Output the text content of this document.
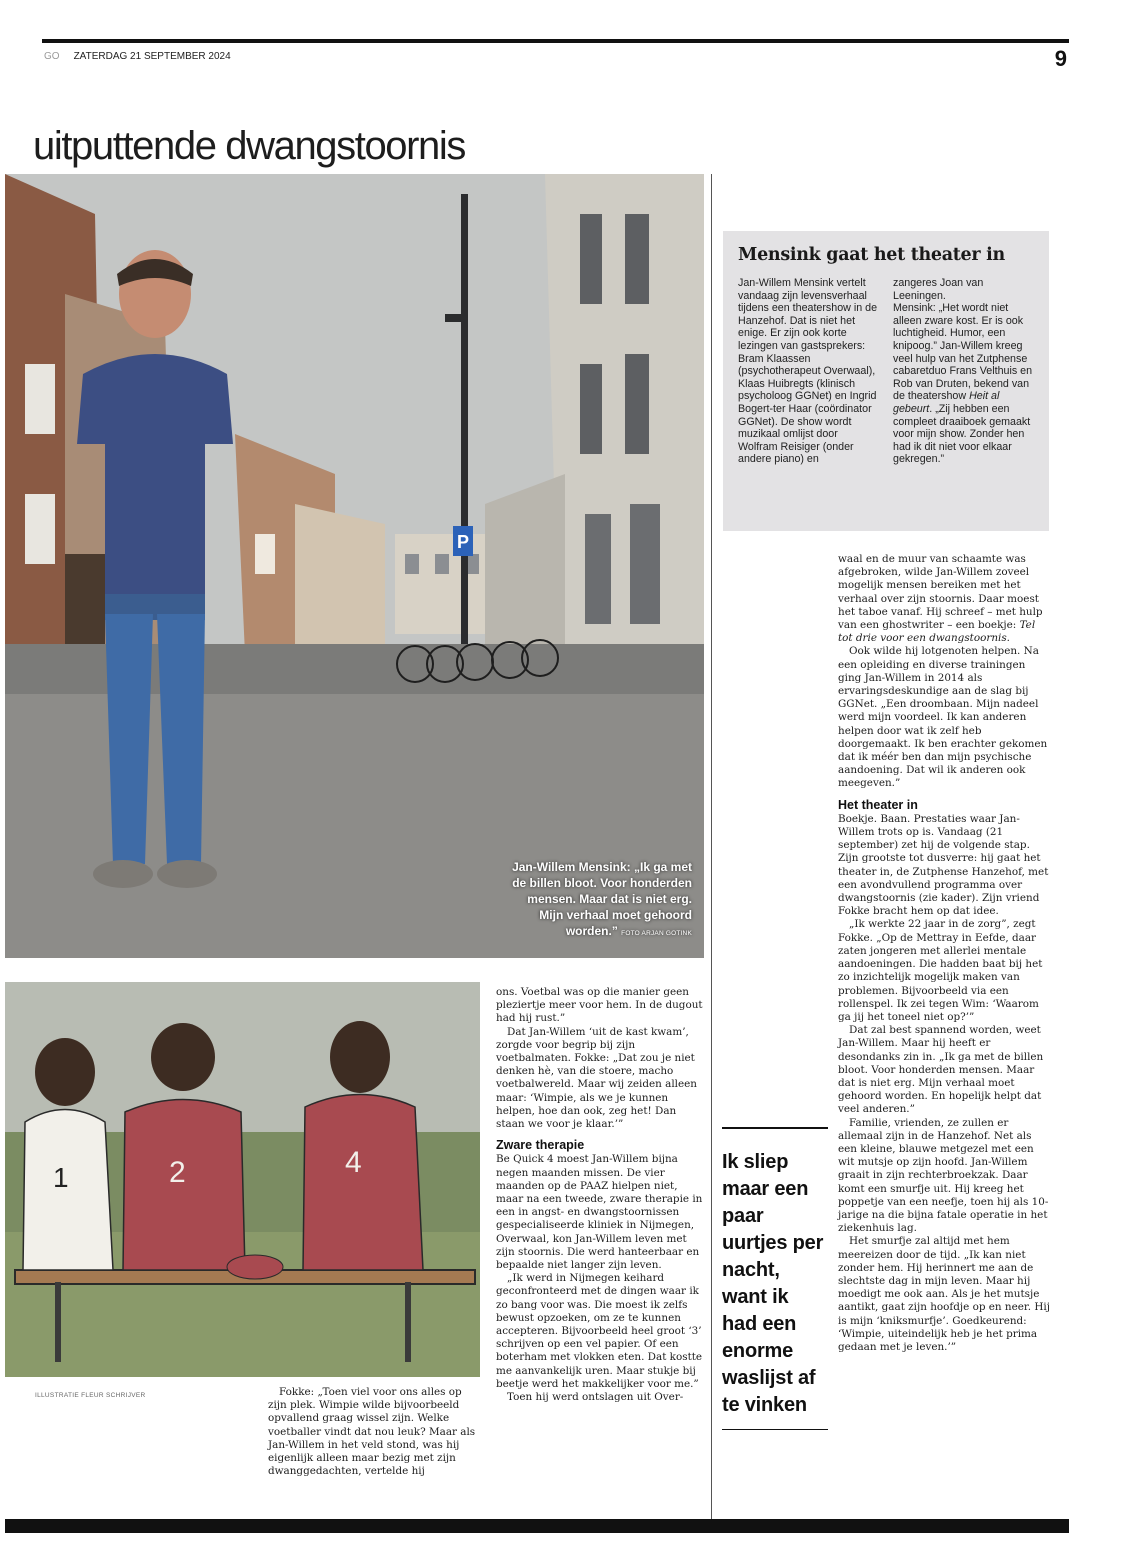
GO ZATERDAG 21 SEPTEMBER 2024	9
uitputtende dwangstoornis
P
Jan-Willem Mensink: „Ik ga met de billen bloot. Voor honderden mensen. Maar dat is niet erg. Mijn verhaal moet gehoord worden.” FOTO ARJAN GOTINK
Mensink gaat het theater in

Jan-Willem Mensink vertelt vandaag zijn levensverhaal tijdens een theatershow in de Hanzehof. Dat is niet het enige. Er zijn ook korte lezingen van gastsprekers: Bram Klaassen (psychotherapeut Overwaal), Klaas Huibregts (klinisch psycholoog GGNet) en Ingrid Bogert-ter Haar (coördinator GGNet). De show wordt muzikaal omlijst door Wolfram Reisiger (onder andere piano) en

zangeres Joan van Leeningen.

Mensink: „Het wordt niet alleen zware kost. Er is ook luchtigheid. Humor, een knipoog.” Jan-Willem kreeg veel hulp van het Zutphense cabaretduo Frans Velthuis en Rob van Druten, bekend van de theatershow Heit al gebeurt. „Zij hebben een compleet draaiboek gemaakt voor mijn show. Zonder hen had ik dit niet voor elkaar gekregen.”

1	2	4
ILLUSTRATIE FLEUR SCHRIJVER	Fokke: „Toen viel voor ons alles op zijn plek. Wimpie wilde bijvoorbeeld opvallend graag wissel zijn. Welke voetballer vindt dat nou leuk? Maar als Jan-Willem in het veld stond, was hij eigenlijk alleen maar bezig met zijn dwanggedachten, vertelde hij

ons. Voetbal was op die manier geen pleziertje meer voor hem. In de dugout had hij rust.”

Dat Jan-Willem ‘uit de kast kwam’, zorgde voor begrip bij zijn voetbalmaten. Fokke: „Dat zou je niet denken hè, van die stoere, macho voetbalwereld. Maar wij zeiden alleen maar: ‘Wimpie, als we je kunnen helpen, hoe dan ook, zeg het! Dan staan we voor je klaar.’”

Zware therapie

Be Quick 4 moest Jan-Willem bijna negen maanden missen. De vier maanden op de PAAZ hielpen niet, maar na een tweede, zware therapie in een in angst- en dwangstoornissen gespecialiseerde kliniek in Nijmegen, Overwaal, kon Jan-Willem leven met zijn stoornis. Die werd hanteerbaar en bepaalde niet langer zijn leven.

„Ik werd in Nijmegen keihard geconfronteerd met de dingen waar ik zo bang voor was. Die moest ik zelfs bewust opzoeken, om ze te kunnen accepteren. Bijvoorbeeld heel groot ‘3’ schrijven op een vel papier. Of een boterham met vlokken eten. Dat kostte me aanvankelijk uren. Maar stukje bij beetje werd het makkelijker voor me.”

Toen hij werd ontslagen uit Over-

Ik sliep maar een paar uurtjes per nacht, want ik had een enorme waslijst af te vinken

waal en de muur van schaamte was afgebroken, wilde Jan-Willem zoveel mogelijk mensen bereiken met het verhaal over zijn stoornis. Daar moest het taboe vanaf. Hij schreef – met hulp van een ghostwriter – een boekje: Tel tot drie voor een dwangstoornis.

Ook wilde hij lotgenoten helpen. Na een opleiding en diverse trainingen ging Jan-Willem in 2014 als ervaringsdeskundige aan de slag bij GGNet. „Een droombaan. Mijn nadeel werd mijn voordeel. Ik kan anderen helpen door wat ik zelf heb doorgemaakt. Ik ben erachter gekomen dat ik méér ben dan mijn psychische aandoening. Dat wil ik anderen ook meegeven.”

Het theater in

Boekje. Baan. Prestaties waar Jan-Willem trots op is. Vandaag (21 september) zet hij de volgende stap. Zijn grootste tot dusverre: hij gaat het theater in, de Zutphense Hanzehof, met een avondvullend programma over dwangstoornis (zie kader). Zijn vriend Fokke bracht hem op dat idee.

„Ik werkte 22 jaar in de zorg”, zegt Fokke. „Op de Mettray in Eefde, daar zaten jongeren met allerlei mentale aandoeningen. Die hadden baat bij het zo inzichtelijk mogelijk maken van problemen. Bijvoorbeeld via een rollenspel. Ik zei tegen Wim: ‘Waarom ga jij het toneel niet op?’”

Dat zal best spannend worden, weet Jan-Willem. Maar hij heeft er desondanks zin in. „Ik ga met de billen bloot. Voor honderden mensen. Maar dat is niet erg. Mijn verhaal moet gehoord worden. En hopelijk helpt dat veel anderen.”

Familie, vrienden, ze zullen er allemaal zijn in de Hanzehof. Net als een kleine, blauwe metgezel met een wit mutsje op zijn hoofd. Jan-Willem graait in zijn rechterbroekzak. Daar komt een smurfje uit. Hij kreeg het poppetje van een neefje, toen hij als 10-jarige na die bijna fatale operatie in het ziekenhuis lag.

Het smurfje zal altijd met hem meereizen door de tijd. „Ik kan niet zonder hem. Hij herinnert me aan de slechtste dag in mijn leven. Maar hij moedigt me ook aan. Als je het mutsje aantikt, gaat zijn hoofdje op en neer. Hij is mijn ‘kniksmurfje’. Goedkeurend: ‘Wimpie, uiteindelijk heb je het prima gedaan met je leven.’”
